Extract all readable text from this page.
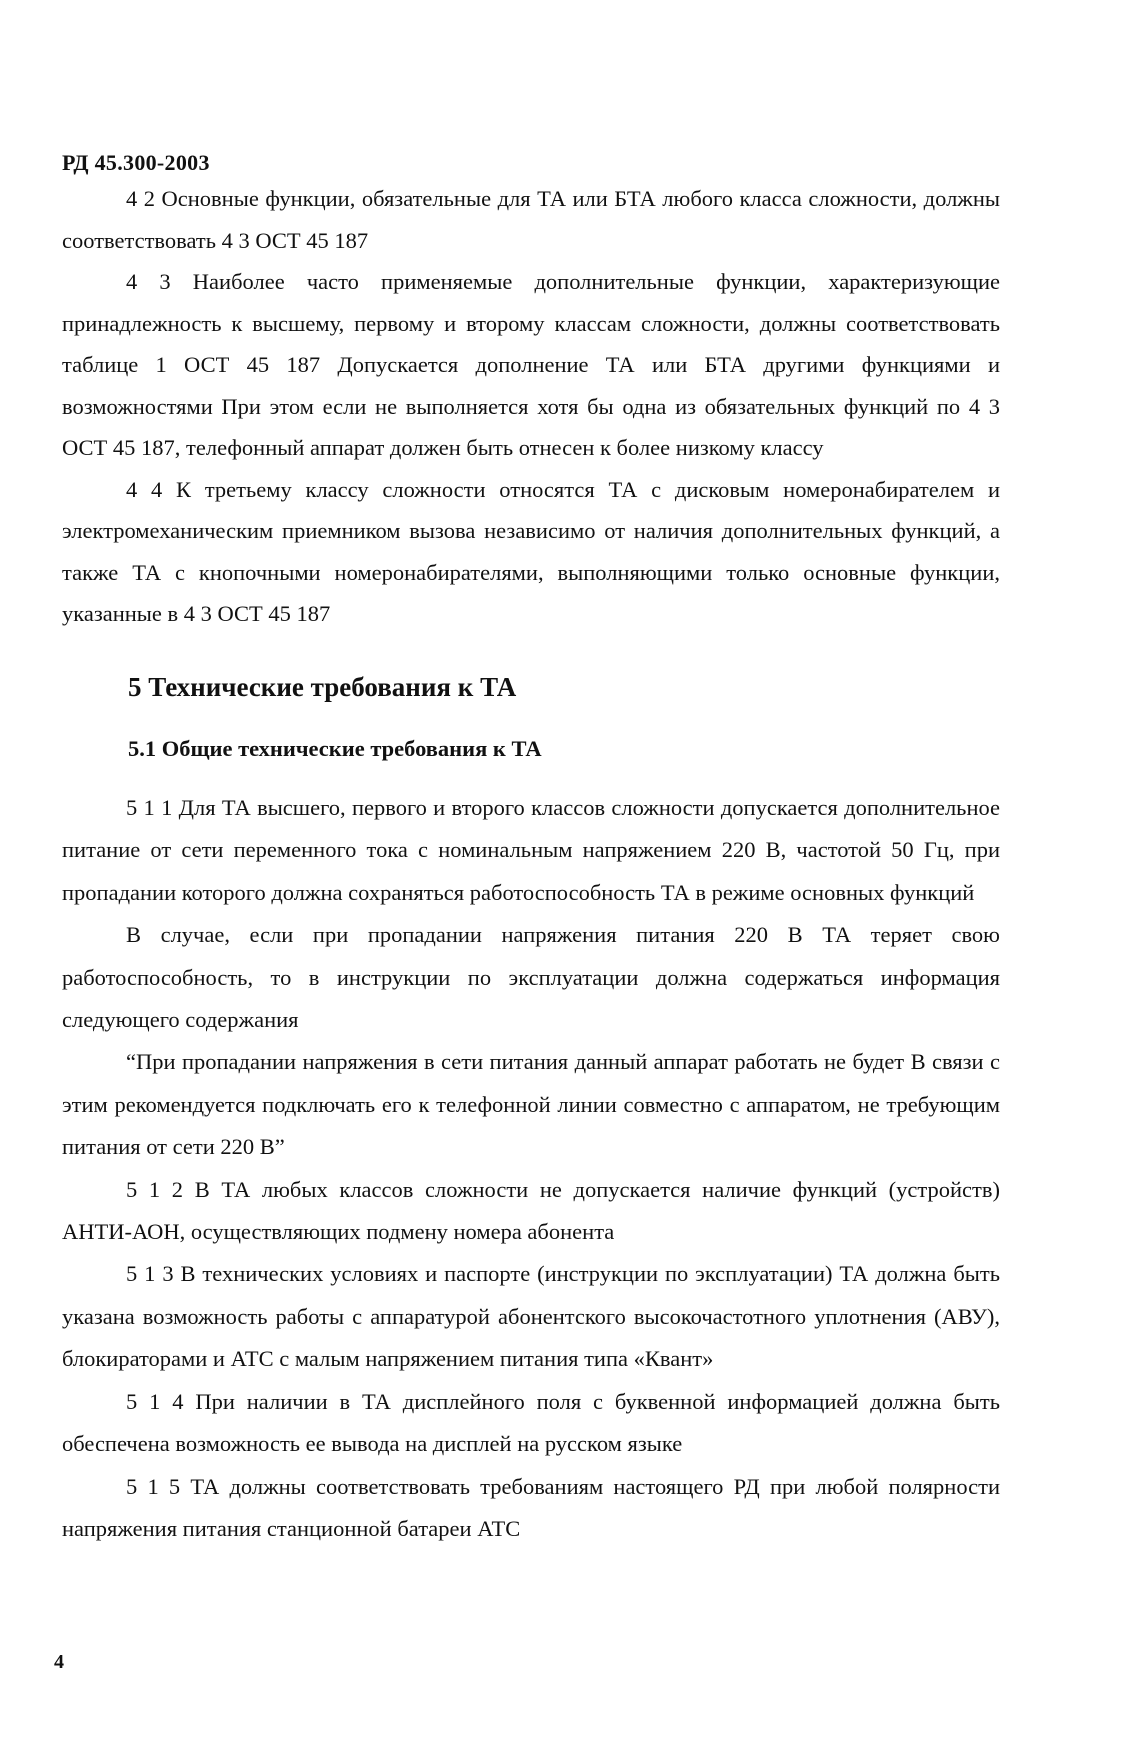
РД 45.300-2003

4 2 Основные функции, обязательные для ТА или БТА любого класса сложности, должны соответствовать 4 3 ОСТ 45 187

4 3 Наиболее часто применяемые дополнительные функции, характеризующие принадлежность к высшему, первому и второму классам сложности, должны соответствовать таблице 1 ОСТ 45 187 Допускается дополнение ТА или БТА другими функциями и возможностями При этом если не выполняется хотя бы одна из обязательных функций по 4 3 ОСТ 45 187, телефонный аппарат должен быть отнесен к более низкому классу

4 4 К третьему классу сложности относятся ТА с дисковым номеронабирателем и электромеханическим приемником вызова независимо от наличия дополнительных функций, а также ТА с кнопочными номеронабирателями, выполняющими только основные функции, указанные в 4 3 ОСТ 45 187

5 Технические требования к ТА
5.1 Общие технические требования к ТА

5 1 1 Для ТА высшего, первого и второго классов сложности допускается дополнительное питание от сети переменного тока с номинальным напряжением 220 В, частотой 50 Гц, при пропадании которого должна сохраняться работоспособность ТА в режиме основных функций

В случае, если при пропадании напряжения питания 220 В ТА теряет свою работоспособность, то в инструкции по эксплуатации должна содержаться информация следующего содержания

“При пропадании напряжения в сети питания данный аппарат работать не будет В связи с этим рекомендуется подключать его к телефонной линии совместно с аппаратом, не требующим питания от сети 220 В”

5 1 2 В ТА любых классов сложности не допускается наличие функций (устройств) АНТИ-АОН, осуществляющих подмену номера абонента

5 1 3 В технических условиях и паспорте (инструкции по эксплуатации) ТА должна быть указана возможность работы с аппаратурой абонентского высокочастотного уплотнения (АВУ), блокираторами и АТС с малым напряжением питания типа «Квант»

5 1 4 При наличии в ТА дисплейного поля с буквенной информацией должна быть обеспечена возможность ее вывода на дисплей на русском языке

5 1 5 ТА должны соответствовать требованиям настоящего РД при любой полярности напряжения питания станционной батареи АТС

4
